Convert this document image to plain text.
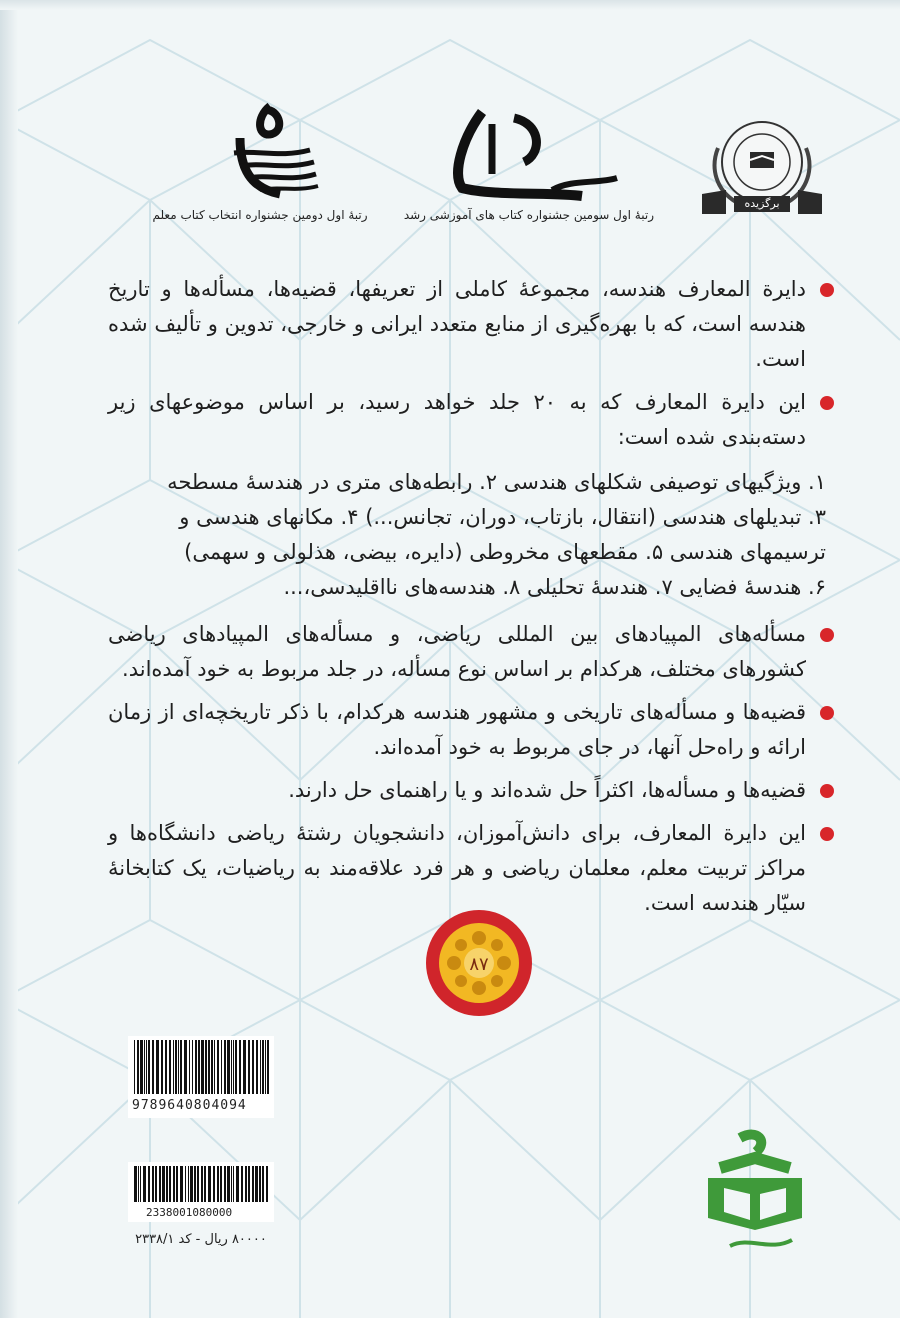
رتبهٔ اول دومین جشنواره انتخاب کتاب معلم	رتبهٔ اول سومین جشنواره کتاب های آموزشی رشد
برگزیده
دایرة المعارف هندسه، مجموعهٔ کاملی از تعریفها، قضیه‌ها، مسأله‌ها و تاریخ هندسه است، که با بهره‌گیری از منابع متعدد ایرانی و خارجی، تدوین و تألیف شده است.
این دایرة المعارف که به ۲۰ جلد خواهد رسید، بر اساس موضوعهای زیر دسته‌بندی شده است:

۱. ویژگیهای توصیفی شکلهای هندسی ۲. رابطه‌های متری در هندسهٔ مسطحه

۳. تبدیلهای هندسی (انتقال، بازتاب، دوران، تجانس...) ۴. مکانهای هندسی و

ترسیمهای هندسی ۵. مقطعهای مخروطی (دایره، بیضی، هذلولی و سهمی)

۶. هندسهٔ فضایی ۷. هندسهٔ تحلیلی ۸. هندسه‌های نااقلیدسی،...

مسأله‌های المپیادهای بین المللی ریاضی، و مسأله‌های المپیادهای ریاضی کشورهای مختلف، هرکدام بر اساس نوع مسأله، در جلد مربوط به خود آمده‌اند.
قضیه‌ها و مسأله‌های تاریخی و مشهور هندسه هرکدام، با ذکر تاریخچه‌ای از زمان ارائه و راه‌حل آنها، در جای مربوط به خود آمده‌اند.
قضیه‌ها و مسأله‌ها، اکثراً حل شده‌اند و یا راهنمای حل دارند.
این دایرة المعارف، برای دانش‌آموزان، دانشجویان رشتهٔ ریاضی دانشگاه‌ها و مراکز تربیت معلم، معلمان ریاضی و هر فرد علاقه‌مند به ریاضیات، یک کتابخانهٔ سیّار هندسه است.
۸۷
9789640804094
2338001080000
۸۰۰۰۰ ریال - کد ۲۳۳۸/۱
